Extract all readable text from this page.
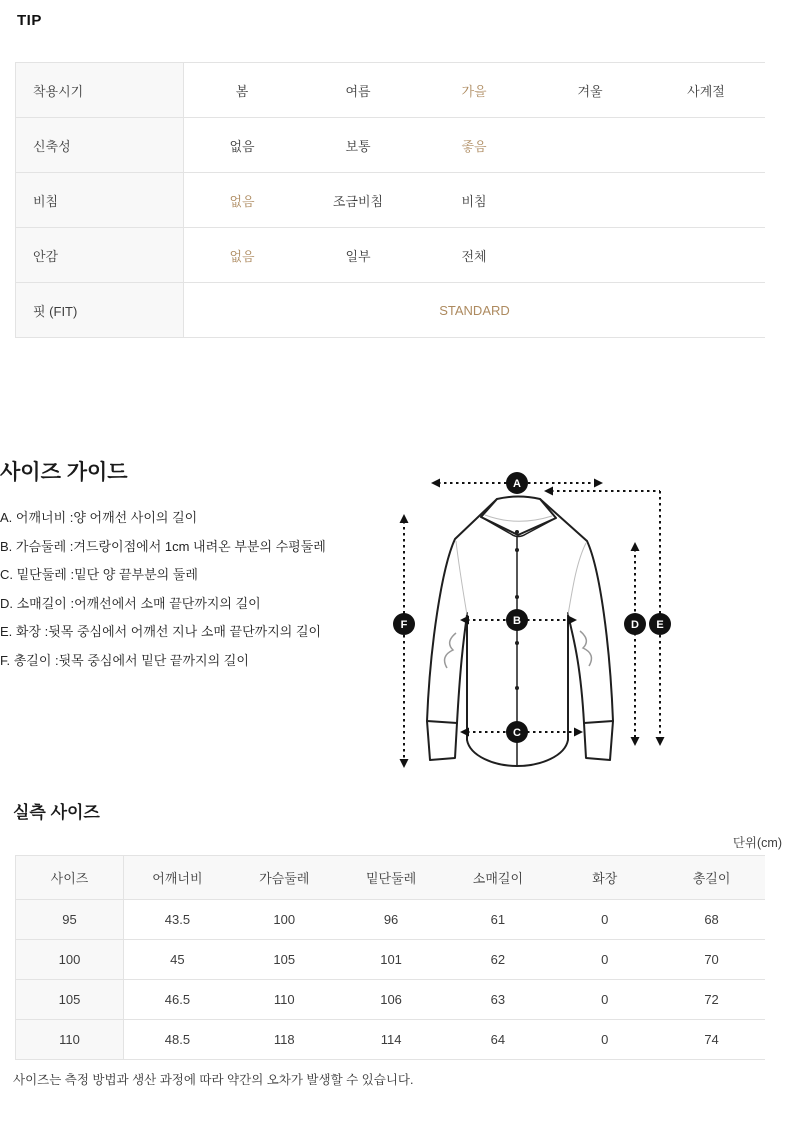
TIP
착용시기	봄	여름	가을	겨울	사계절
신축성	없음	보통	좋음
비침	없음	조금비침	비침
안감	없음	일부	전체
핏 (FIT)	STANDARD
사이즈 가이드
A. 어깨너비 :양 어깨선 사이의 길이
B. 가슴둘레 :겨드랑이점에서 1cm 내려온 부분의 수평둘레
C. 밑단둘레 :밑단 양 끝부분의 둘레
D. 소매길이 :어깨선에서 소매 끝단까지의 길이
E. 화장 :뒷목 중심에서 어깨선 지나 소매 끝단까지의 길이
F. 총길이 :뒷목 중심에서 밑단 끝까지의 길이
A
B
C
D E
F
실측 사이즈
단위(cm)
사이즈	어깨너비	가슴둘레	밑단둘레	소매길이	화장	총길이
95	43.5	100	96	61	0	68
100	45	105	101	62	0	70
105	46.5	110	106	63	0	72
110	48.5	118	114	64	0	74
사이즈는 측정 방법과 생산 과정에 따라 약간의 오차가 발생할 수 있습니다.
